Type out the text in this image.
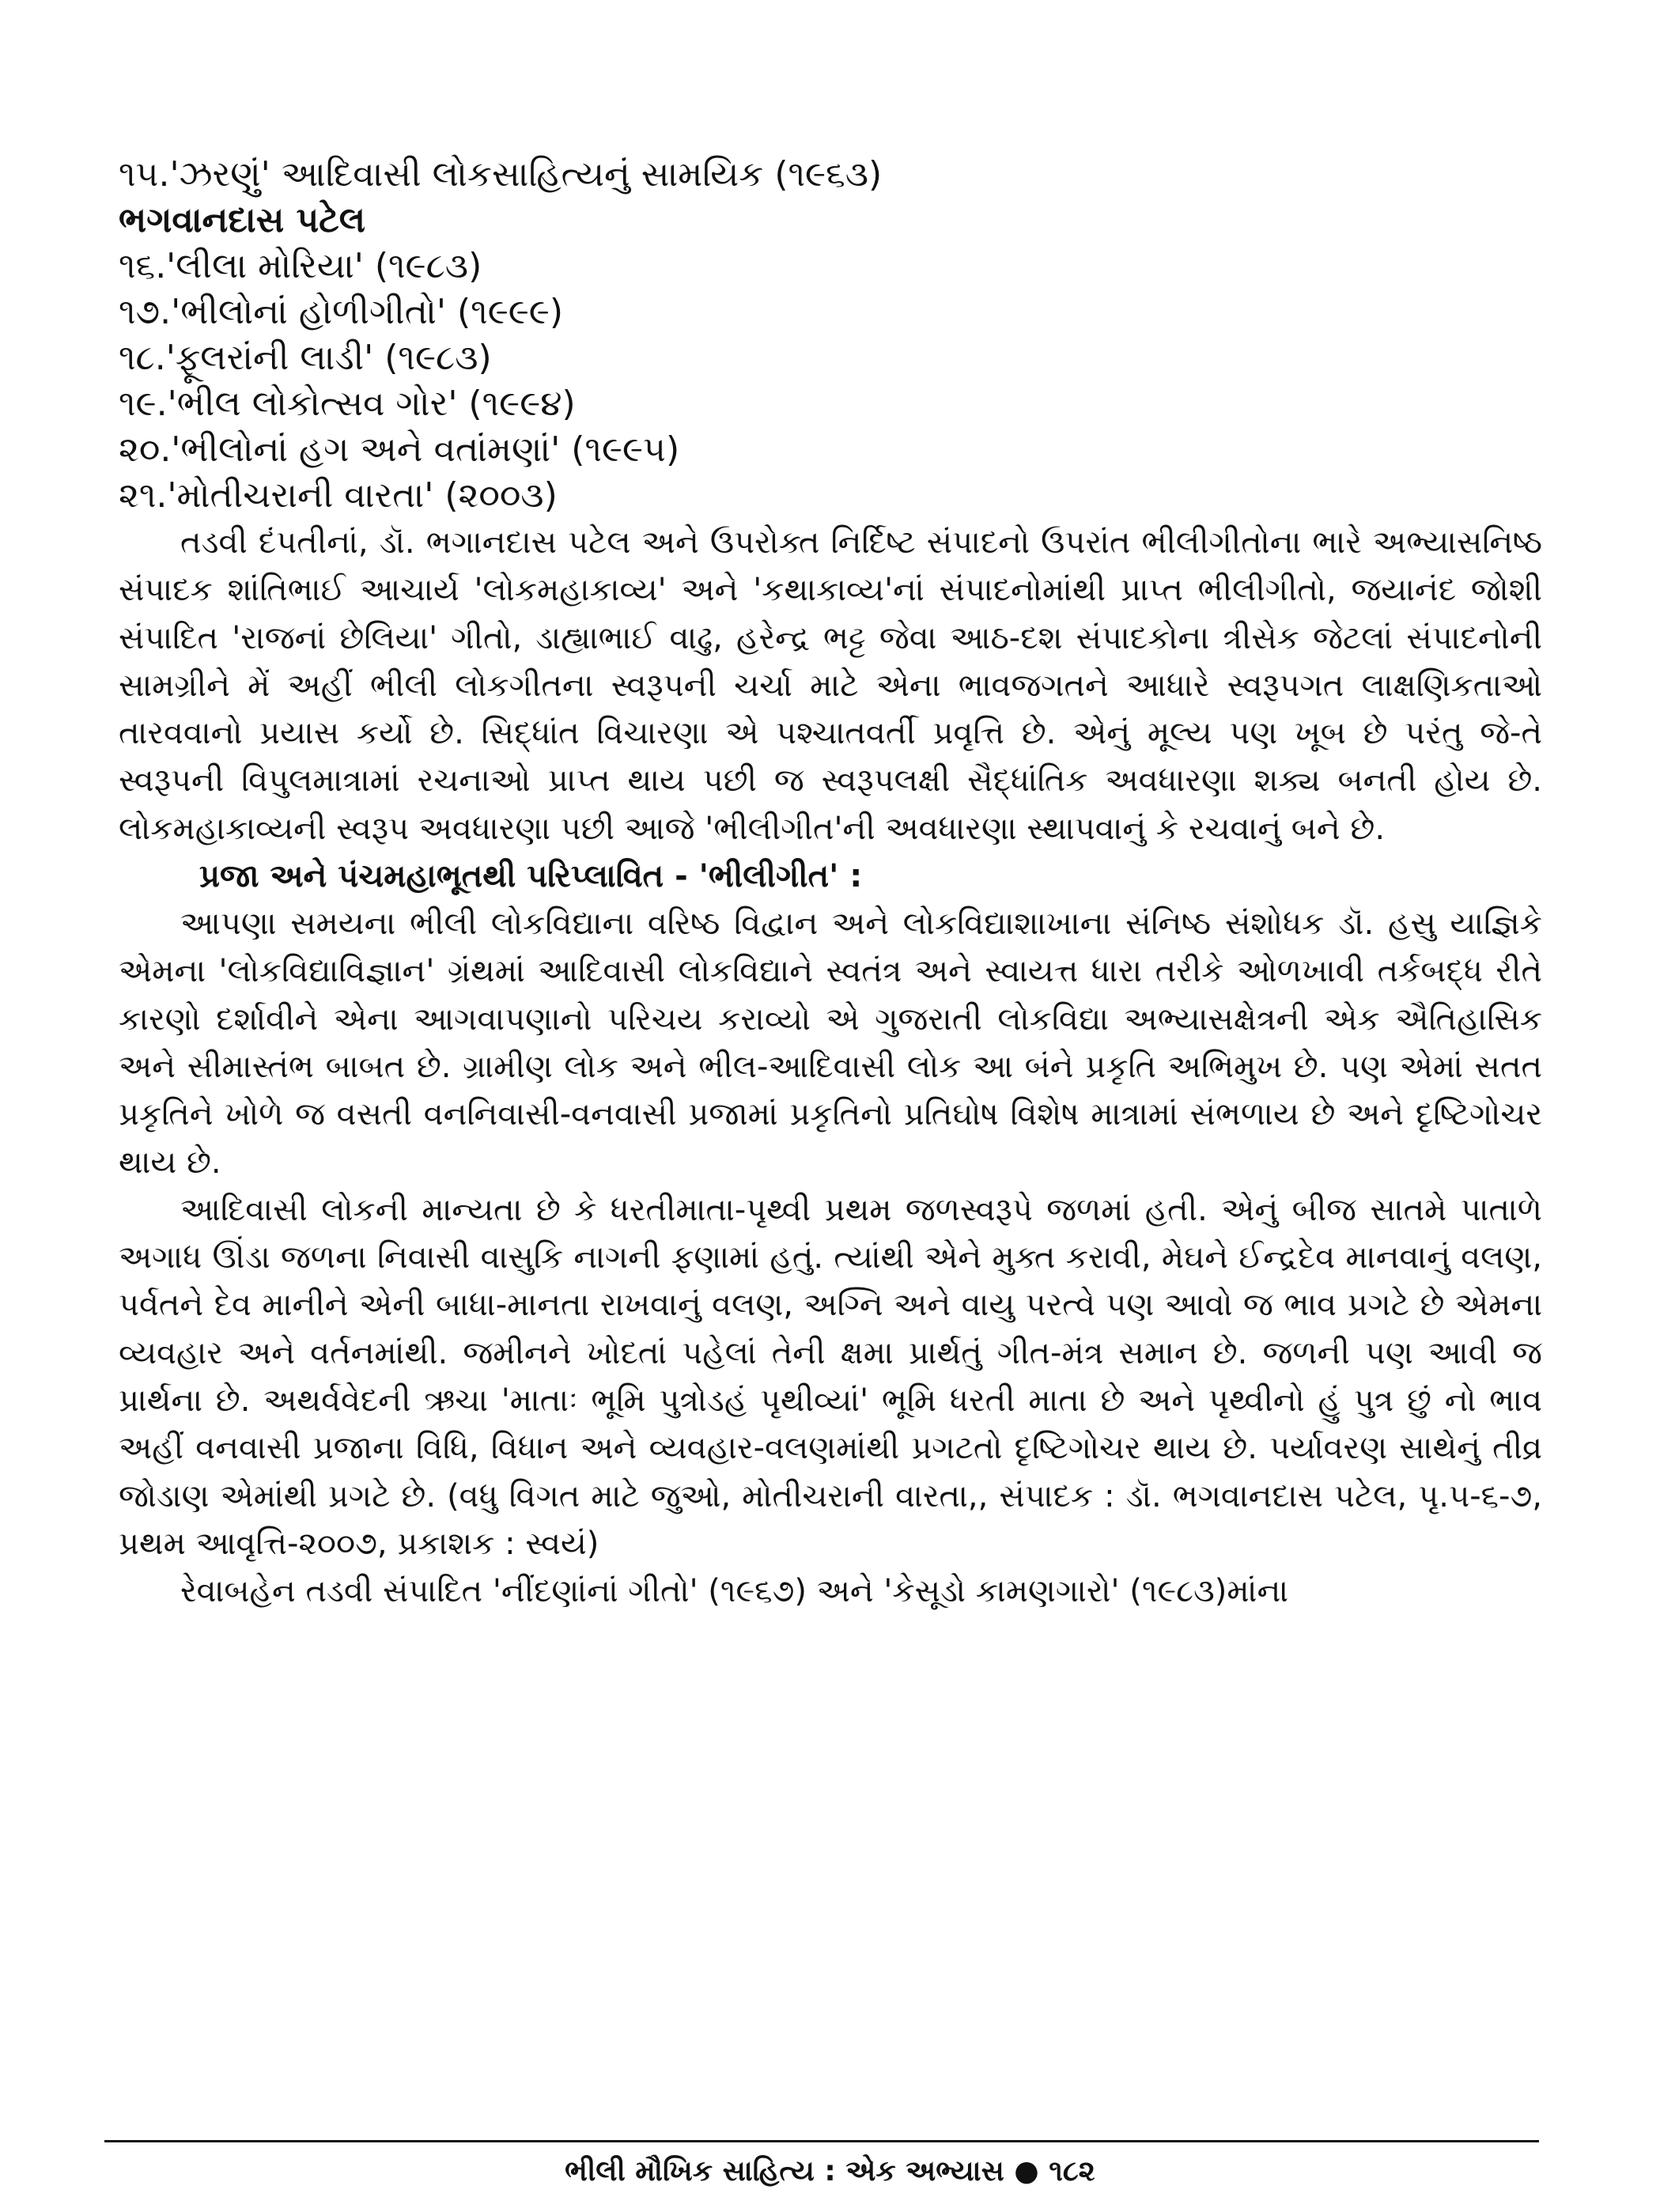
૧૫.'ઝરણું' આદિવાસી લોકસાહિત્યનું સામયિક (૧૯૬૩)
ભગવાનદાસ પટેલ
૧૬.'લીલા મોરિયા' (૧૯૮૩)
૧૭.'ભીલોનાં હોળીગીતો' (૧૯૯૯)
૧૮.'ફૂલરાંની લાડી' (૧૯૮૩)
૧૯.'ભીલ લોકોત્સવ ગોર' (૧૯૯૪)
૨૦.'ભીલોનાં હગ અને વતાંમણાં' (૧૯૯૫)
૨૧.'મોતીચરાની વારતા' (૨૦૦૩)

તડવી દંપતીનાં, ડૉ. ભગાનદાસ પટેલ અને ઉપરોક્ત નિર્દિષ્ટ સંપાદનો ઉપરાંત ભીલીગીતોના ભારે અભ્યાસનિષ્ઠ સંપાદક શાંતિભાઈ આચાર્ય 'લોકમહાકાવ્ય' અને 'કથાકાવ્ય'નાં સંપાદનોમાંથી પ્રાપ્ત ભીલીગીતો, જયાનંદ જોશી સંપાદિત 'રાજનાં છેલિયા' ગીતો, ડાહ્યાભાઈ વાઢુ, હરેન્દ્ર ભટ્ટ જેવા આઠ-દશ સંપાદકોના ત્રીસેક જેટલાં સંપાદનોની સામગ્રીને મેં અહીં ભીલી લોકગીતના સ્વરૂપની ચર્ચા માટે એના ભાવજગતને આધારે સ્વરૂપગત લાક્ષણિકતાઓ તારવવાનો પ્રયાસ કર્યો છે. સિદ્ધાંત વિચારણા એ પશ્ચાતવર્તી પ્રવૃત્તિ છે. એનું મૂલ્ય પણ ખૂબ છે પરંતુ જે-તે સ્વરૂપની વિપુલમાત્રામાં રચનાઓ પ્રાપ્ત થાય પછી જ સ્વરૂપલક્ષી સૈદ્ધાંતિક અવધારણા શક્ય બનતી હોય છે. લોકમહાકાવ્યની સ્વરૂપ અવધારણા પછી આજે 'ભીલીગીત'ની અવધારણા સ્થાપવાનું કે રચવાનું બને છે.

પ્રજા અને પંચમહાભૂતથી પરિપ્લાવિત - 'ભીલીગીત' :

આપણા સમયના ભીલી લોકવિદ્યાના વરિષ્ઠ વિદ્વાન અને લોકવિદ્યાશાખાના સંનિષ્ઠ સંશોધક ડૉ. હસુ યાજ્ઞિકે એમના 'લોકવિદ્યાવિજ્ઞાન' ગ્રંથમાં આદિવાસી લોકવિદ્યાને સ્વતંત્ર અને સ્વાયત્ત ધારા તરીકે ઓળખાવી તર્કબદ્ધ રીતે કારણો દર્શાવીને એના આગવાપણાનો પરિચય કરાવ્યો એ ગુજરાતી લોકવિદ્યા અભ્યાસક્ષેત્રની એક ઐતિહાસિક અને સીમાસ્તંભ બાબત છે. ગ્રામીણ લોક અને ભીલ-આદિવાસી લોક આ બંને પ્રકૃતિ અભિમુખ છે. પણ એમાં સતત પ્રકૃતિને ખોળે જ વસતી વનનિવાસી-વનવાસી પ્રજામાં પ્રકૃતિનો પ્રતિઘોષ વિશેષ માત્રામાં સંભળાય છે અને દૃષ્ટિગોચર થાય છે.

આદિવાસી લોકની માન્યતા છે કે ધરતીમાતા-પૃથ્વી પ્રથમ જળસ્વરૂપે જળમાં હતી. એનું બીજ સાતમે પાતાળે અગાધ ઊંડા જળના નિવાસી વાસુકિ નાગની ફણામાં હતું. ત્યાંથી એને મુક્ત કરાવી, મેઘને ઈન્દ્રદેવ માનવાનું વલણ, પર્વતને દેવ માનીને એની બાધા-માનતા રાખવાનું વલણ, અગ્નિ અને વાયુ પરત્વે પણ આવો જ ભાવ પ્રગટે છે એમના વ્યવહાર અને વર્તનમાંથી. જમીનને ખોદતાં પહેલાં તેની ક્ષમા પ્રાર્થતું ગીત-મંત્ર સમાન છે. જળની પણ આવી જ પ્રાર્થના છે. અથર્વવેદની ઋચા 'માતાઃ ભૂમિ પુત્રોડહં પૃથીવ્યાં' ભૂમિ ધરતી માતા છે અને પૃથ્વીનો હું પુત્ર છું નો ભાવ અહીં વનવાસી પ્રજાના વિધિ, વિધાન અને વ્યવહાર-વલણમાંથી પ્રગટતો દૃષ્ટિગોચર થાય છે. પર્યાવરણ સાથેનું તીવ્ર જોડાણ એમાંથી પ્રગટે છે. (વધુ વિગત માટે જુઓ, મોતીચરાની વારતા,, સંપાદક : ડૉ. ભગવાનદાસ પટેલ, પૃ.૫-૬-૭, પ્રથમ આવૃત્તિ-૨૦૦૭, પ્રકાશક : સ્વયં)

રેવાબહેન તડવી સંપાદિત 'નીંદણાંનાં ગીતો' (૧૯૬૭) અને 'કેસૂડો કામણગારો' (૧૯૮૩)માંના

ભીલી મૌખિક સાહિત્ય : એક અભ્યાસ ● ૧૮૨
